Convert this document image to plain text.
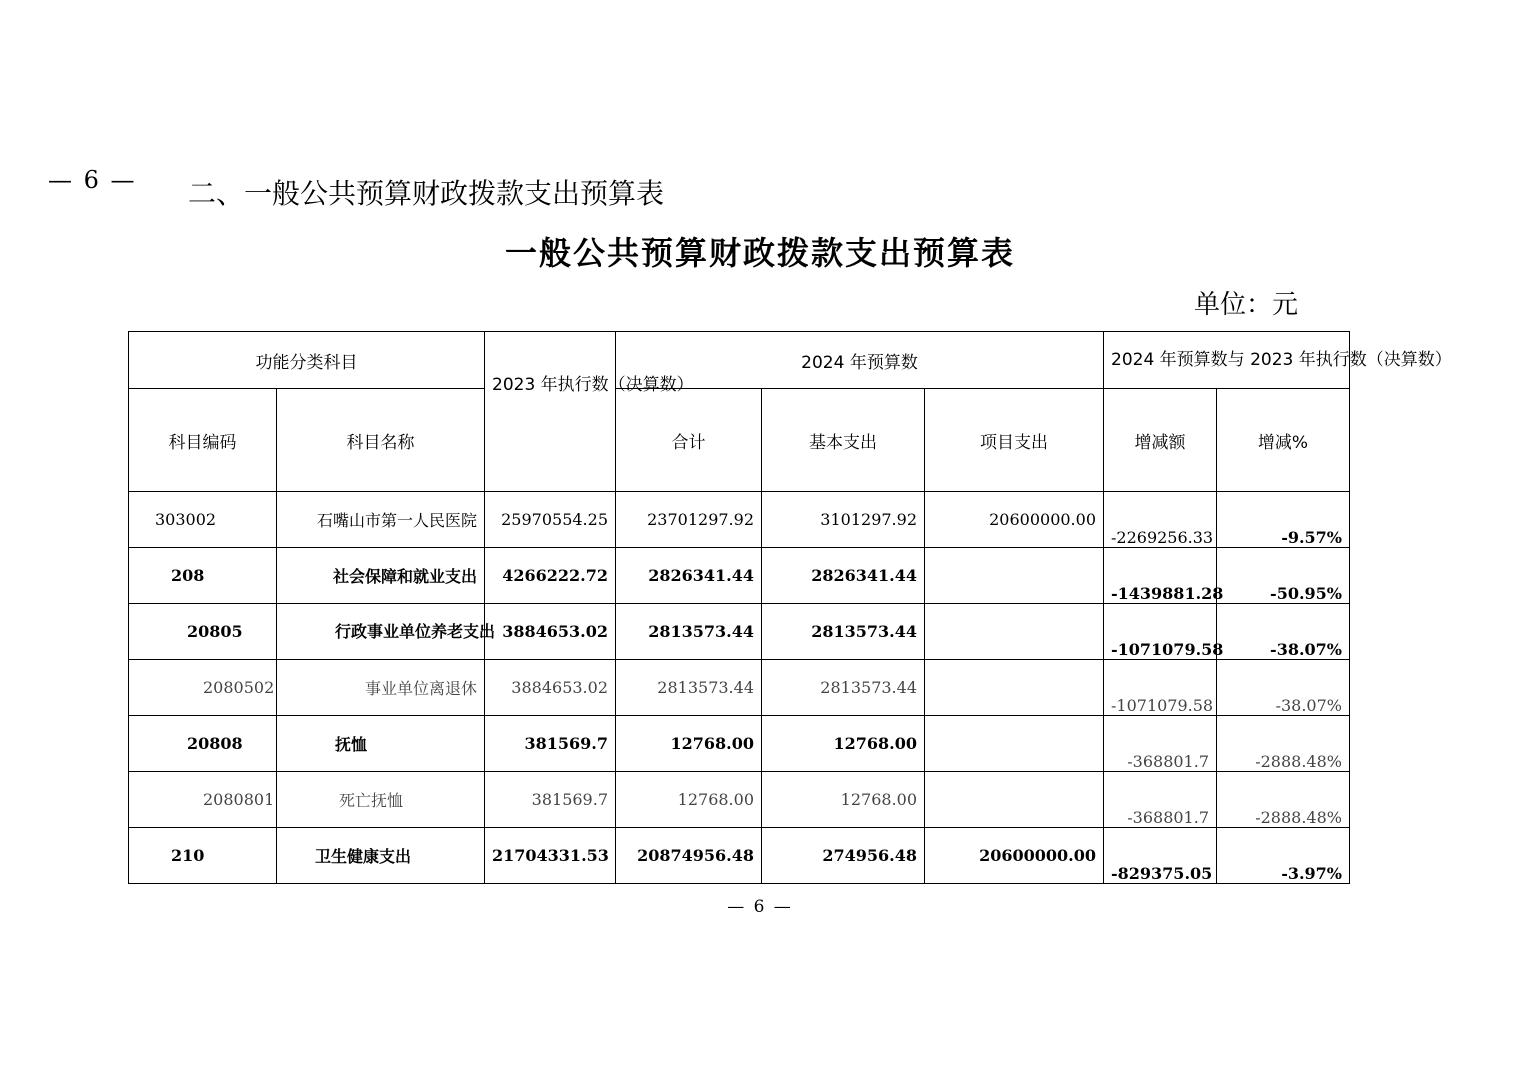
— 6 — 二、一般公共预算财政拨款支出预算表
一般公共预算财政拨款支出预算表
单位：元
功能分类科目		2023 年执行数（决算数）	2024 年预算数			2024 年预算数与 2023 年执行数（决算数）	
科目编码	科目名称		合计	基本支出	项目支出	增减额	增减%
303002	石嘴山市第一人民医院	25970554.25	23701297.92	3101297.92	20600000.00	-2269256.33	-9.57%
208	社会保障和就业支出	4266222.72	2826341.44	2826341.44		-1439881.28	-50.95%
20805	行政事业单位养老支出	3884653.02	2813573.44	2813573.44		-1071079.58	-38.07%
2080502	事业单位离退休	3884653.02	2813573.44	2813573.44		-1071079.58	-38.07%
20808	抚恤	381569.7	12768.00	12768.00		-368801.7	-2888.48%
2080801	死亡抚恤	381569.7	12768.00	12768.00		-368801.7	-2888.48%
210	卫生健康支出	21704331.53	20874956.48	274956.48	20600000.00	-829375.05	-3.97%
— 6 —
